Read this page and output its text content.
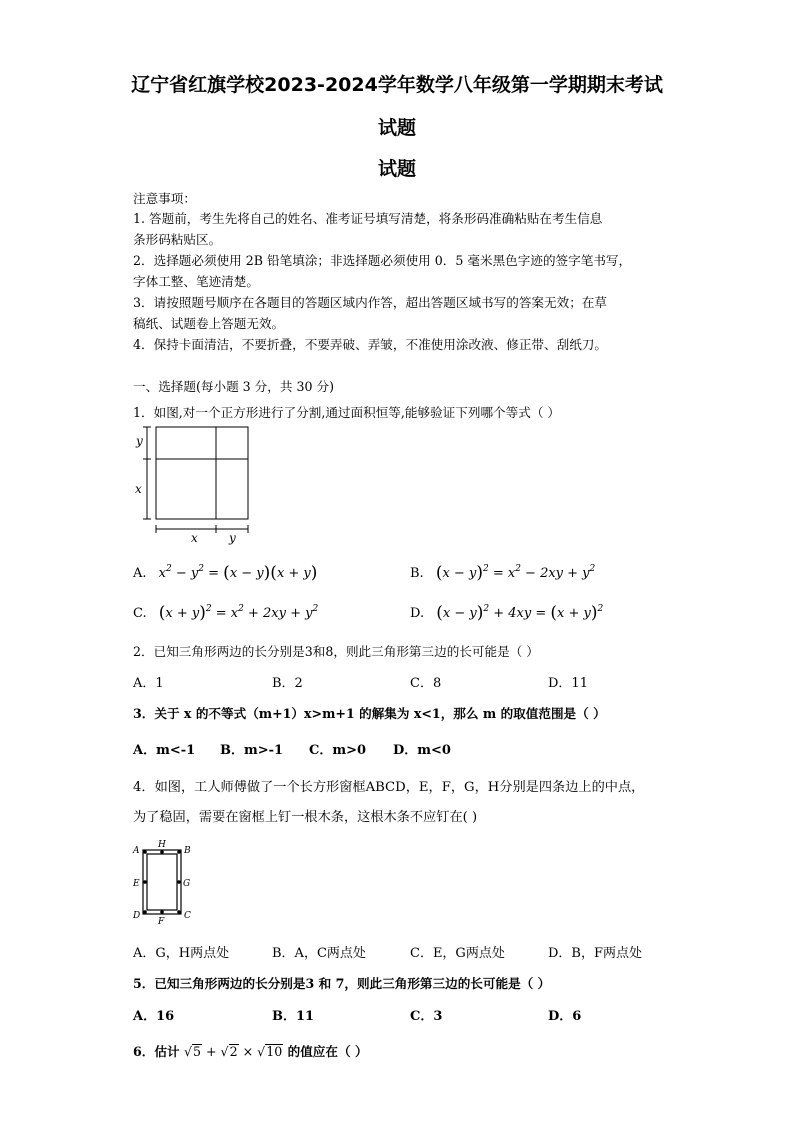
辽宁省红旗学校2023-2024学年数学八年级第一学期期末考试
试题
试题
注意事项：
1. 答题前，考生先将自己的姓名、准考证号填写清楚，将条形码准确粘贴在考生信息
条形码粘贴区。
2．选择题必须使用 2B 铅笔填涂；非选择题必须使用 0．5 毫米黑色字迹的签字笔书写，
字体工整、笔迹清楚。
3．请按照题号顺序在各题目的答题区域内作答，超出答题区域书写的答案无效；在草
稿纸、试题卷上答题无效。
4．保持卡面清洁，不要折叠，不要弄破、弄皱，不准使用涂改液、修正带、刮纸刀。
一、选择题(每小题 3 分，共 30 分)
1．如图,对一个正方形进行了分割,通过面积恒等,能够验证下列哪个等式（ ）
y
x
x	y
A. $x^2 - y^2 = (x - y)(x + y)$	B. $(x - y)^2 = x^2 - 2xy + y^2$
C. $(x + y)^2 = x^2 + 2xy + y^2$	D. $(x - y)^2 + 4xy = (x + y)^2$
2．已知三角形两边的长分别是3和8，则此三角形第三边的长可能是（ ）
A．1	B．2	C．8	D．11
3．关于 x 的不等式（m+1）x>m+1 的解集为 x<1，那么 m 的取值范围是（ ）
A．m<-1 B．m>-1 C．m>0 D．m<0
4．如图，工人师傅做了一个长方形窗框ABCD，E，F，G，H分别是四条边上的中点，
为了稳固，需要在窗框上钉一根木条，这根木条不应钉在( )
A
H
B
E	G
D
F
C
A．G，H两点处	B．A，C两点处	C．E，G两点处	D．B，F两点处
5．已知三角形两边的长分别是3 和 7，则此三角形第三边的长可能是（ ）
A．16	B．11	C．3	D．6
6．估计 √5 + √2 × √10 的值应在（ ）
